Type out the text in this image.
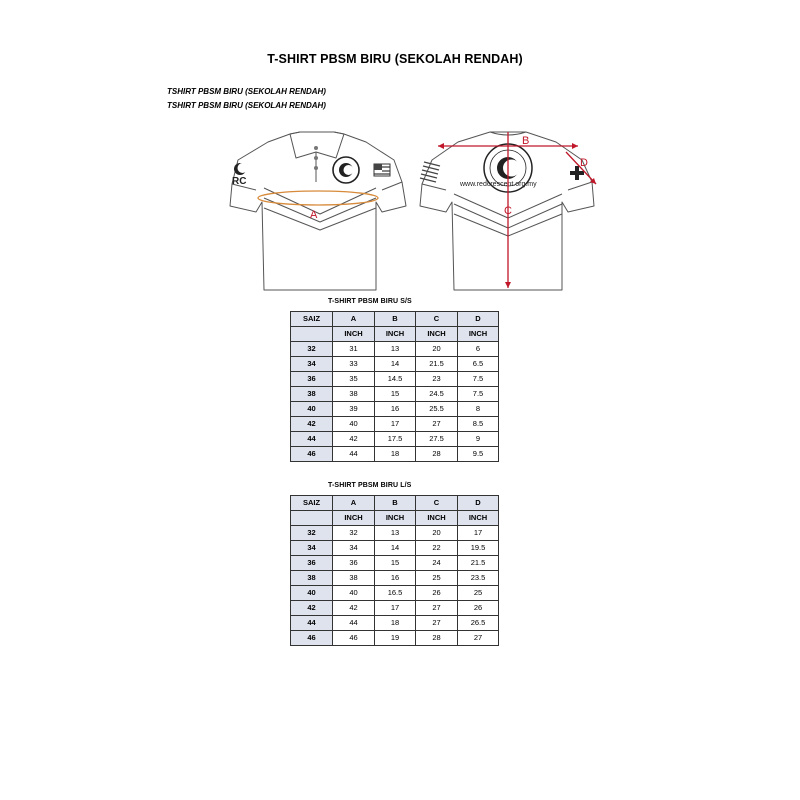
T-SHIRT PBSM BIRU (SEKOLAH RENDAH)
TSHIRT PBSM BIRU (SEKOLAH RENDAH)
TSHIRT PBSM BIRU (SEKOLAH RENDAH)
RC	www.redcrescent.org.my
A
B
C
D
T-SHIRT PBSM BIRU S/S
SAIZ	A	B	C	D
	INCH	INCH	INCH	INCH
32	31	13	20	6
34	33	14	21.5	6.5
36	35	14.5	23	7.5
38	38	15	24.5	7.5
40	39	16	25.5	8
42	40	17	27	8.5
44	42	17.5	27.5	9
46	44	18	28	9.5
T-SHIRT PBSM BIRU L/S
SAIZ	A	B	C	D
	INCH	INCH	INCH	INCH
32	32	13	20	17
34	34	14	22	19.5
36	36	15	24	21.5
38	38	16	25	23.5
40	40	16.5	26	25
42	42	17	27	26
44	44	18	27	26.5
46	46	19	28	27
